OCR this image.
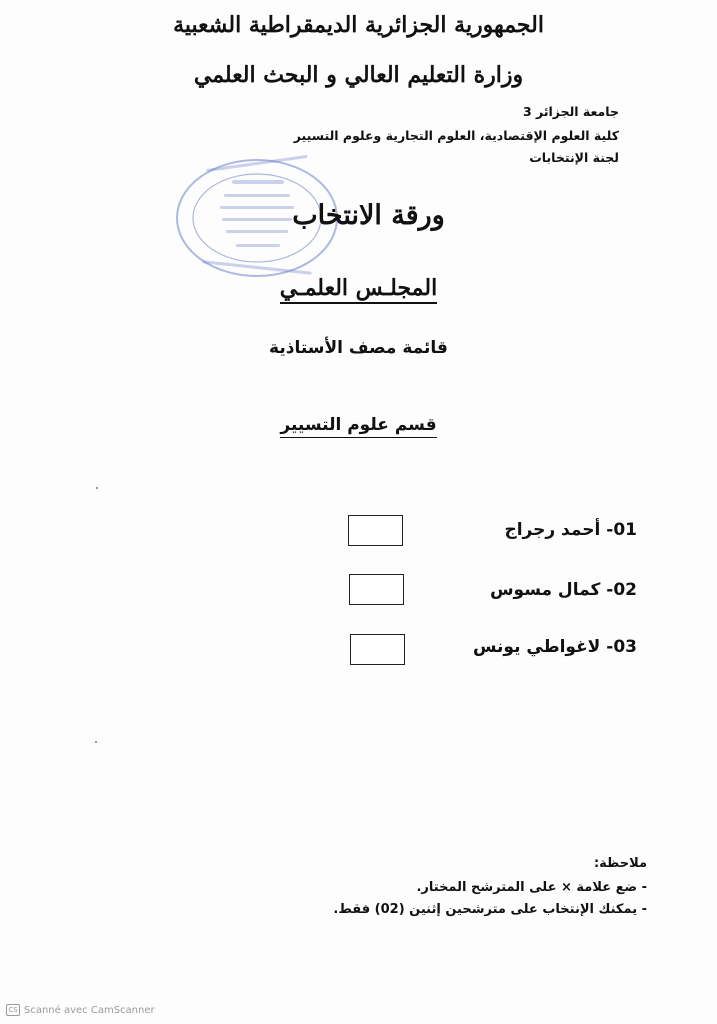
الجمهورية الجزائرية الديمقراطية الشعبية
وزارة التعليم العالي و البحث العلمي
جامعة الجزائر 3
كلية العلوم الإقتصادية، العلوم التجارية وعلوم التسيير
لجنة الإنتخابات
ورقة الانتخاب
المجلـس العلمـي
قائمة مصف الأستاذية
قسم علوم التسيير
01- أحمد رجراج
02- كمال مسوس
03- لاغواطي يونس
ملاحظة:
- ضع علامة × على المترشح المختار.
- يمكنك الإنتخاب على مترشحين إثنين (02) فقط.
CS Scanné avec CamScanner
